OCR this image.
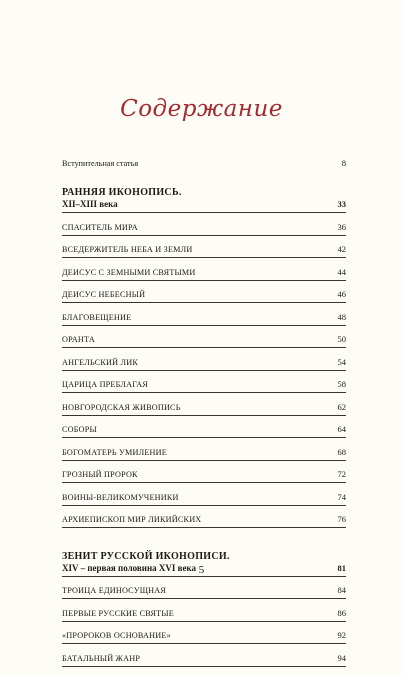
Содержание
Вступительная статья	8
РАННЯЯ ИКОНОПИСЬ.
XII–XIII века	33
СПАСИТЕЛЬ МИРА	36
ВСЕДЕРЖИТЕЛЬ НЕБА И ЗЕМЛИ	42
ДЕИСУС С ЗЕМНЫМИ СВЯТЫМИ	44
ДЕИСУС НЕБЕСНЫЙ	46
БЛАГОВЕЩЕНИЕ	48
ОРАНТА	50
АНГЕЛЬСКИЙ ЛИК	54
ЦАРИЦА ПРЕБЛАГАЯ	58
НОВГОРОДСКАЯ ЖИВОПИСЬ	62
СОБОРЫ	64
БОГОМАТЕРЬ УМИЛЕНИЕ	68
ГРОЗНЫЙ ПРОРОК	72
ВОИНЫ-ВЕЛИКОМУЧЕНИКИ	74
АРХИЕПИСКОП МИР ЛИКИЙСКИХ	76
ЗЕНИТ РУССКОЙ ИКОНОПИСИ.
XIV – первая половина XVI века	81
ТРОИЦА ЕДИНОСУЩНАЯ	84
ПЕРВЫЕ РУССКИЕ СВЯТЫЕ	86
«ПРОРОКОВ ОСНОВАНИЕ»	92
БАТАЛЬНЫЙ ЖАНР	94
5
